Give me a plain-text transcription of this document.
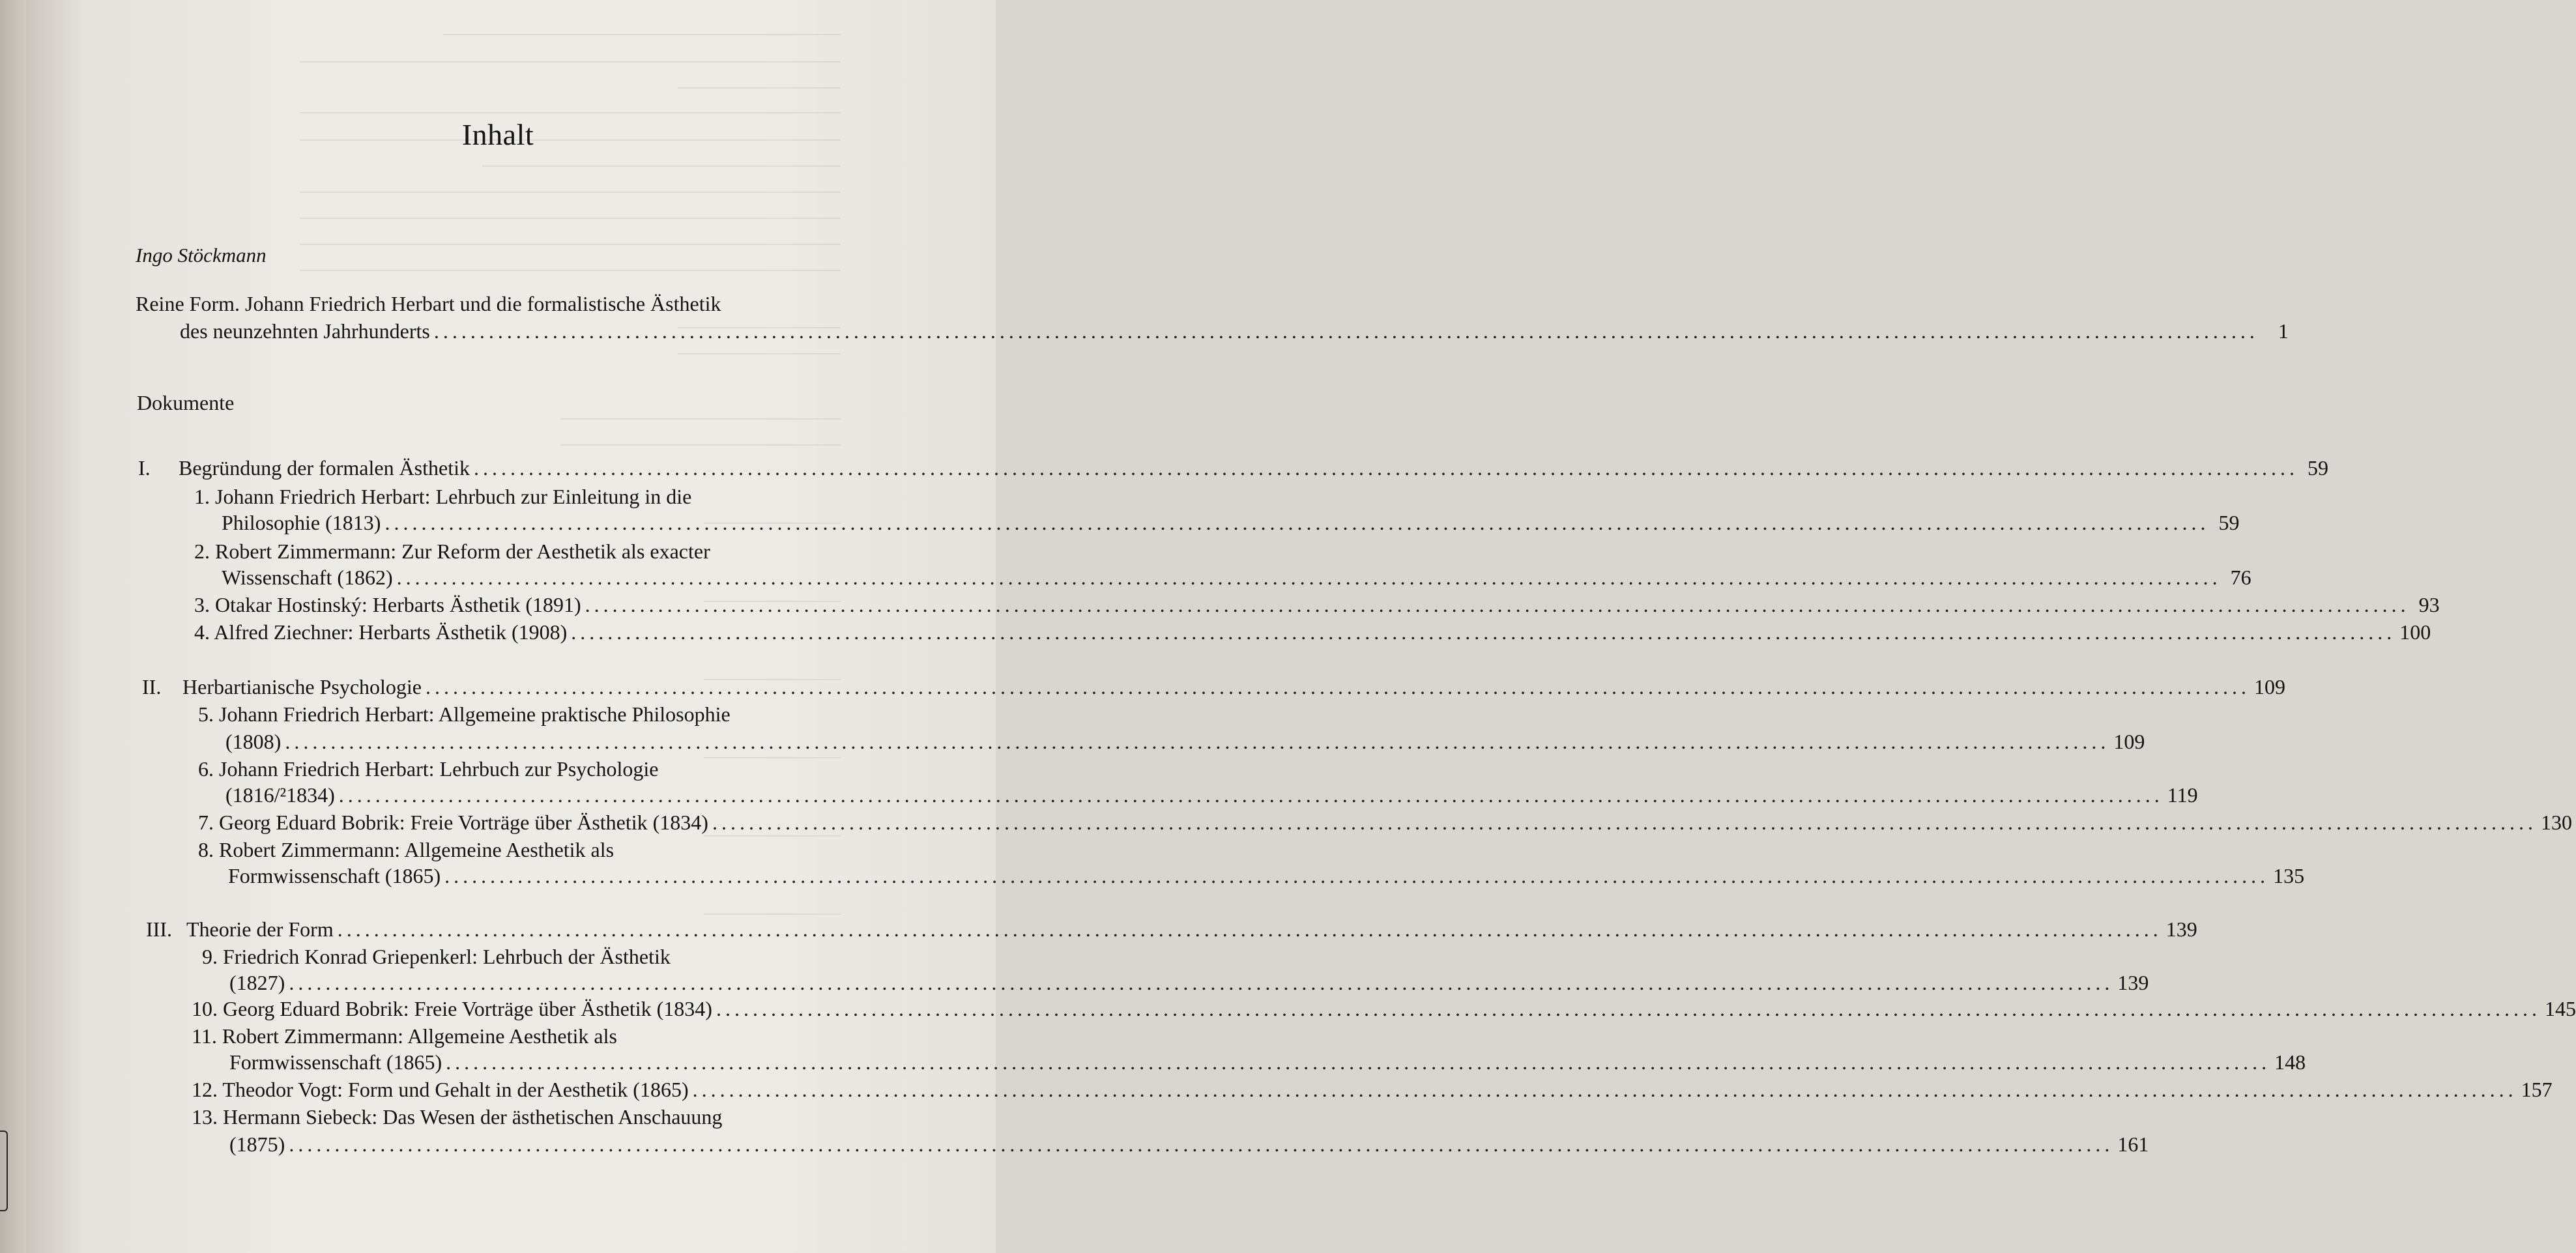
Inhalt
Ingo Stöckmann
Reine Form. Johann Friedrich Herbart und die formalistische Ästhetik
des neunzehnten Jahrhunderts ........................................................................................................................................................................................................ 1
Dokumente
I. Begründung der formalen Ästhetik ........................................................................................................................................................................................................ 59
1. Johann Friedrich Herbart: Lehrbuch zur Einleitung in die
Philosophie (1813) ........................................................................................................................................................................................................ 59
2. Robert Zimmermann: Zur Reform der Aesthetik als exacter
Wissenschaft (1862) ........................................................................................................................................................................................................ 76
3. Otakar Hostinský: Herbarts Ästhetik (1891) ........................................................................................................................................................................................................ 93
4. Alfred Ziechner: Herbarts Ästhetik (1908) ........................................................................................................................................................................................................ 100
II. Herbartianische Psychologie ........................................................................................................................................................................................................ 109
5. Johann Friedrich Herbart: Allgemeine praktische Philosophie
(1808) ........................................................................................................................................................................................................ 109
6. Johann Friedrich Herbart: Lehrbuch zur Psychologie
(1816/²1834) ........................................................................................................................................................................................................ 119
7. Georg Eduard Bobrik: Freie Vorträge über Ästhetik (1834) ........................................................................................................................................................................................................ 130
8. Robert Zimmermann: Allgemeine Aesthetik als
Formwissenschaft (1865) ........................................................................................................................................................................................................ 135
III. Theorie der Form ........................................................................................................................................................................................................ 139
9. Friedrich Konrad Griepenkerl: Lehrbuch der Ästhetik
(1827) ........................................................................................................................................................................................................ 139
10. Georg Eduard Bobrik: Freie Vorträge über Ästhetik (1834) ........................................................................................................................................................................................................ 145
11. Robert Zimmermann: Allgemeine Aesthetik als
Formwissenschaft (1865) ........................................................................................................................................................................................................ 148
12. Theodor Vogt: Form und Gehalt in der Aesthetik (1865) ........................................................................................................................................................................................................ 157
13. Hermann Siebeck: Das Wesen der ästhetischen Anschauung
(1875) ........................................................................................................................................................................................................ 161
